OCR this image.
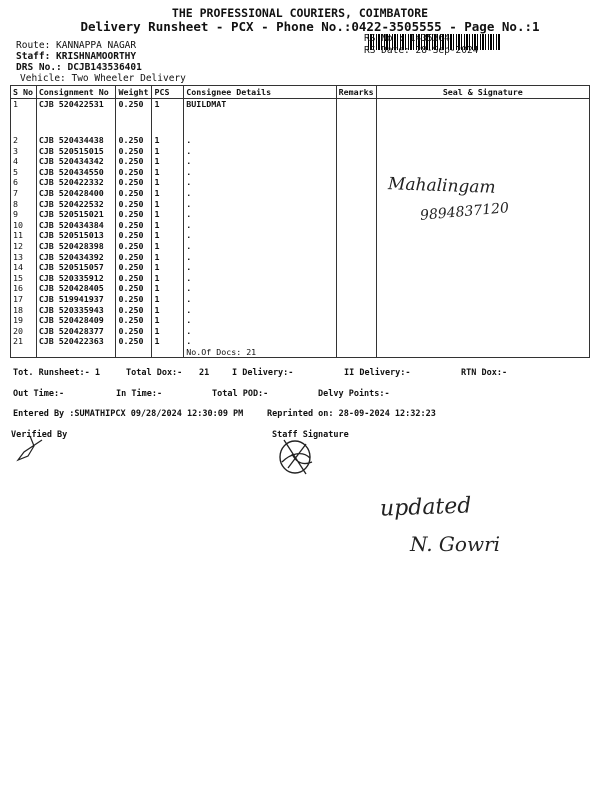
THE PROFESSIONAL COURIERS, COIMBATORE
Delivery Runsheet - PCX - Phone No.:0422-3505555 - Page No.:1
Route: KANNAPPA NAGAR
Staff: KRISHNAMOORTHY
DRS No.: DCJB143536401
Vehicle: Two Wheeler Delivery
RS No.: 1435364
RS Date: 28-Sep-2024
S No	Consignment No	Weight	PCS	Consignee Details	Remarks	Seal & Signature
1	CJB 520422531	0.250	1	BUILDMAT		

2	CJB 520434438	0.250	1	.		
3	CJB 520515015	0.250	1	.		
4	CJB 520434342	0.250	1	.		
5	CJB 520434550	0.250	1	.		
6	CJB 520422332	0.250	1	.		
7	CJB 520428400	0.250	1	.		
8	CJB 520422532	0.250	1	.		
9	CJB 520515021	0.250	1	.		
10	CJB 520434384	0.250	1	.		
11	CJB 520515013	0.250	1	.		
12	CJB 520428398	0.250	1	.		
13	CJB 520434392	0.250	1	.		
14	CJB 520515057	0.250	1	.		
15	CJB 520335912	0.250	1	.		
16	CJB 520428405	0.250	1	.		
17	CJB 519941937	0.250	1	.		
18	CJB 520335943	0.250	1	.		
19	CJB 520428409	0.250	1	.		
20	CJB 520428377	0.250	1	.		
21	CJB 520422363	0.250	1	.		
				No.Of Docs: 21		
Tot. Runsheet:- 1	Total Dox:- 21	I Delivery:-	II Delivery:-	RTN Dox:-
Out Time:-	In Time:-	Total POD:-	Delvy Points:-
Entered By :SUMATHIPCX 09/28/2024 12:30:09 PM	Reprinted on: 28-09-2024 12:32:23
Verified By	Staff Signature
Mahalingam
9894837120
updated
N. Gowri
